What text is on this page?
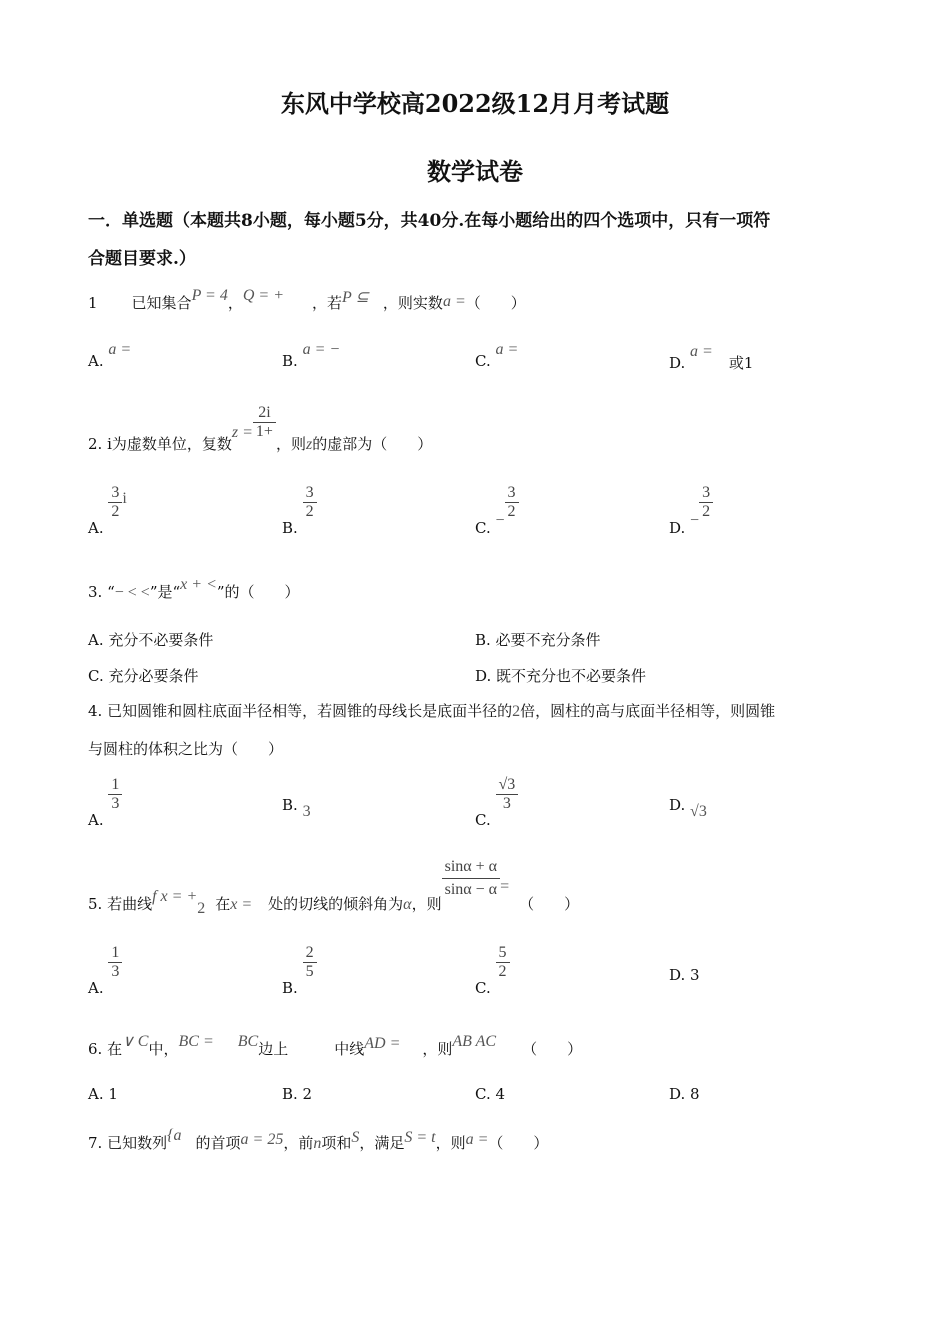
东风中学校高2022级12月月考试题
数学试卷
一．单选题（本题共8小题，每小题5分，共40分.在每小题给出的四个选项中，只有一项符
合题目要求.）
1 已知集合P = 4，Q = + ，若P ⊆ ，则实数a =（　　）
A. a =
B. a = −
C. a =
D. a =或1
2. i为虚数单位，复数$z = \frac{2i}{1+}$
，则z的虚部为（　　）
A.
$\frac{3}{2}$ i
B.
$\frac{3}{2}$
C. − $\frac{3}{2}$
D. − $\frac{3}{2}$
3. “− < <”是“x + <”的（　　）
A. 充分不必要条件	B. 必要不充分条件
C. 充分必要条件	D. 既不充分也不必要条件
4. 已知圆锥和圆柱底面半径相等，若圆锥的母线长是底面半径的2倍，圆柱的高与底面半径相等，则圆锥
与圆柱的体积之比为（　　）
A.
$\frac{1}{3}$	B. 3	C.
$\frac{√3}{3}$	D. √3
5. 若曲线f x = +2 在x = 处的切线的倾斜角为α，则
$\frac{\sin\alpha + \alpha}{\sin\alpha - \alpha}$ =（　　）
A.
$\frac{1}{3}$
B.
$\frac{2}{5}$
C.
$\frac{5}{2}$	D. 3
6. 在∨ C中，BC = BC边上	中线AD = ，则AB AC （　　）
A. 1	B. 2	C. 4	D. 8
7. 已知数列{a 的首项a = 25，前n项和S，满足S = t，则a =（　　）
